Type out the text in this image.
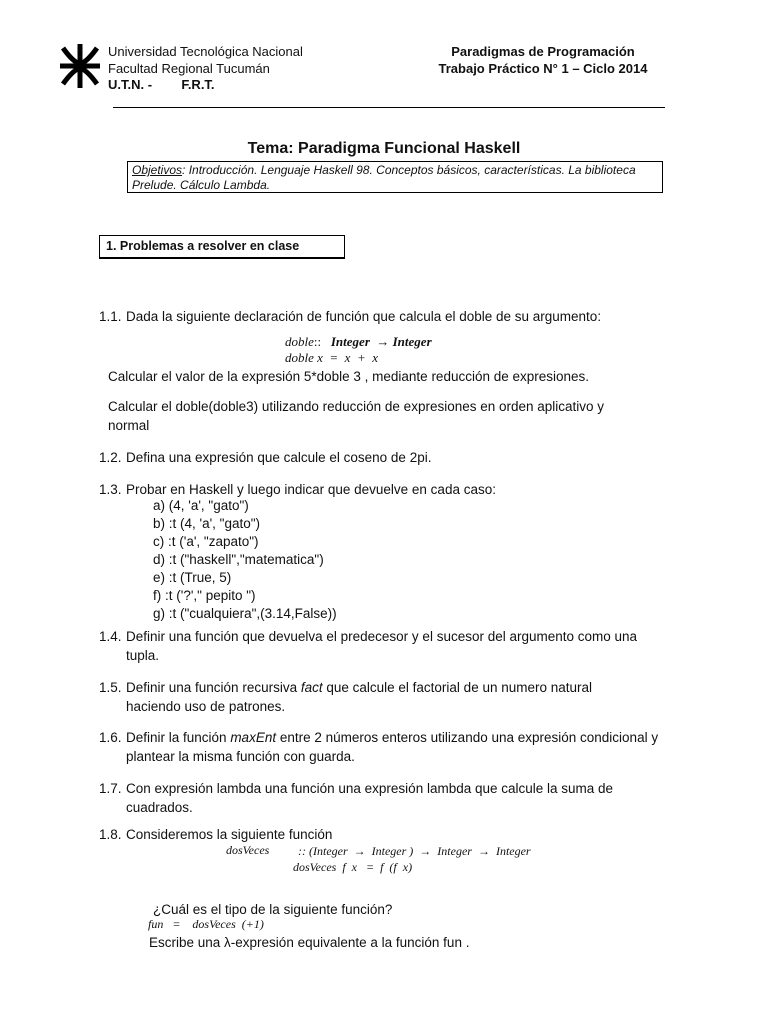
Universidad Tecnológica Nacional
Facultad Regional Tucumán
U.T.N. - F.R.T.
Paradigmas de Programación
Trabajo Práctico N° 1 – Ciclo 2014
Tema: Paradigma Funcional Haskell
Objetivos: Introducción. Lenguaje Haskell 98. Conceptos básicos, características. La biblioteca Prelude. Cálculo Lambda.
1. Problemas a resolver en clase
1.1. Dada la siguiente declaración de función que calcula el doble de su argumento:
doble:: Integer → Integer
doble x  =  x  +  x
Calcular el valor de la expresión 5*doble 3 , mediante reducción de expresiones.
Calcular el doble(doble3) utilizando reducción de expresiones en orden aplicativo y normal
1.2. Defina una expresión que calcule el coseno de 2pi.
1.3. Probar en Haskell y luego indicar que devuelve en cada caso:
a) (4, 'a', "gato")
b) :t (4, 'a', "gato")
c) :t ('a', "zapato")
d) :t ("haskell","matematica")
e) :t (True, 5)
f) :t ('?'," pepito ")
g) :t ("cualquiera",(3.14,False))
1.4. Definir una función que devuelva el predecesor y el sucesor del argumento como una tupla.
1.5. Definir una función recursiva fact que calcule el factorial de un numero natural haciendo uso de patrones.
1.6. Definir la función maxEnt entre 2 números enteros utilizando una expresión condicional y plantear la misma función con guarda.
1.7. Con expresión lambda una función una expresión lambda que calcule la suma de cuadrados.
1.8. Consideremos la siguiente función
dosVeces :: (Integer  →  Integer )  →  Integer  →  Integer
dosVeces  f  x   =  f  (f  x)
¿Cuál es el tipo de la siguiente función?
fun   =    dosVeces  (+1)
Escribe una λ-expresión equivalente a la función fun .
